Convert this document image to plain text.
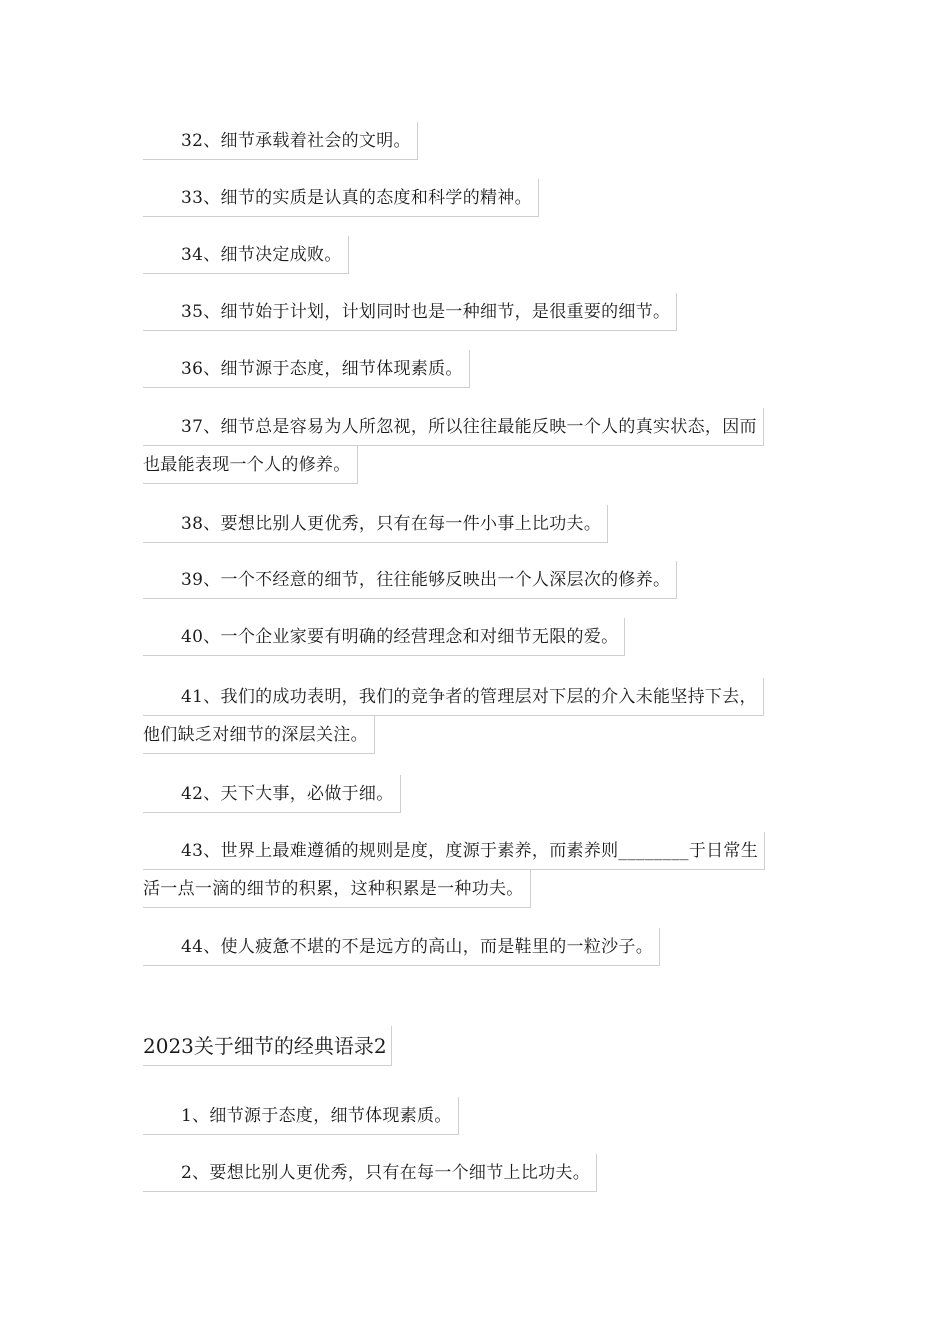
32、细节承载着社会的文明。
33、细节的实质是认真的态度和科学的精神。
34、细节决定成败。
35、细节始于计划，计划同时也是一种细节，是很重要的细节。
36、细节源于态度，细节体现素质。
37、细节总是容易为人所忽视，所以往往最能反映一个人的真实状态，因而
也最能表现一个人的修养。
38、要想比别人更优秀，只有在每一件小事上比功夫。
39、一个不经意的细节，往往能够反映出一个人深层次的修养。
40、一个企业家要有明确的经营理念和对细节无限的爱。
41、我们的成功表明，我们的竞争者的管理层对下层的介入未能坚持下去，
他们缺乏对细节的深层关注。
42、天下大事，必做于细。
43、世界上最难遵循的规则是度，度源于素养，而素养则________于日常生
活一点一滴的细节的积累，这种积累是一种功夫。
44、使人疲惫不堪的不是远方的高山，而是鞋里的一粒沙子。
2023关于细节的经典语录2
1、细节源于态度，细节体现素质。
2、要想比别人更优秀，只有在每一个细节上比功夫。
